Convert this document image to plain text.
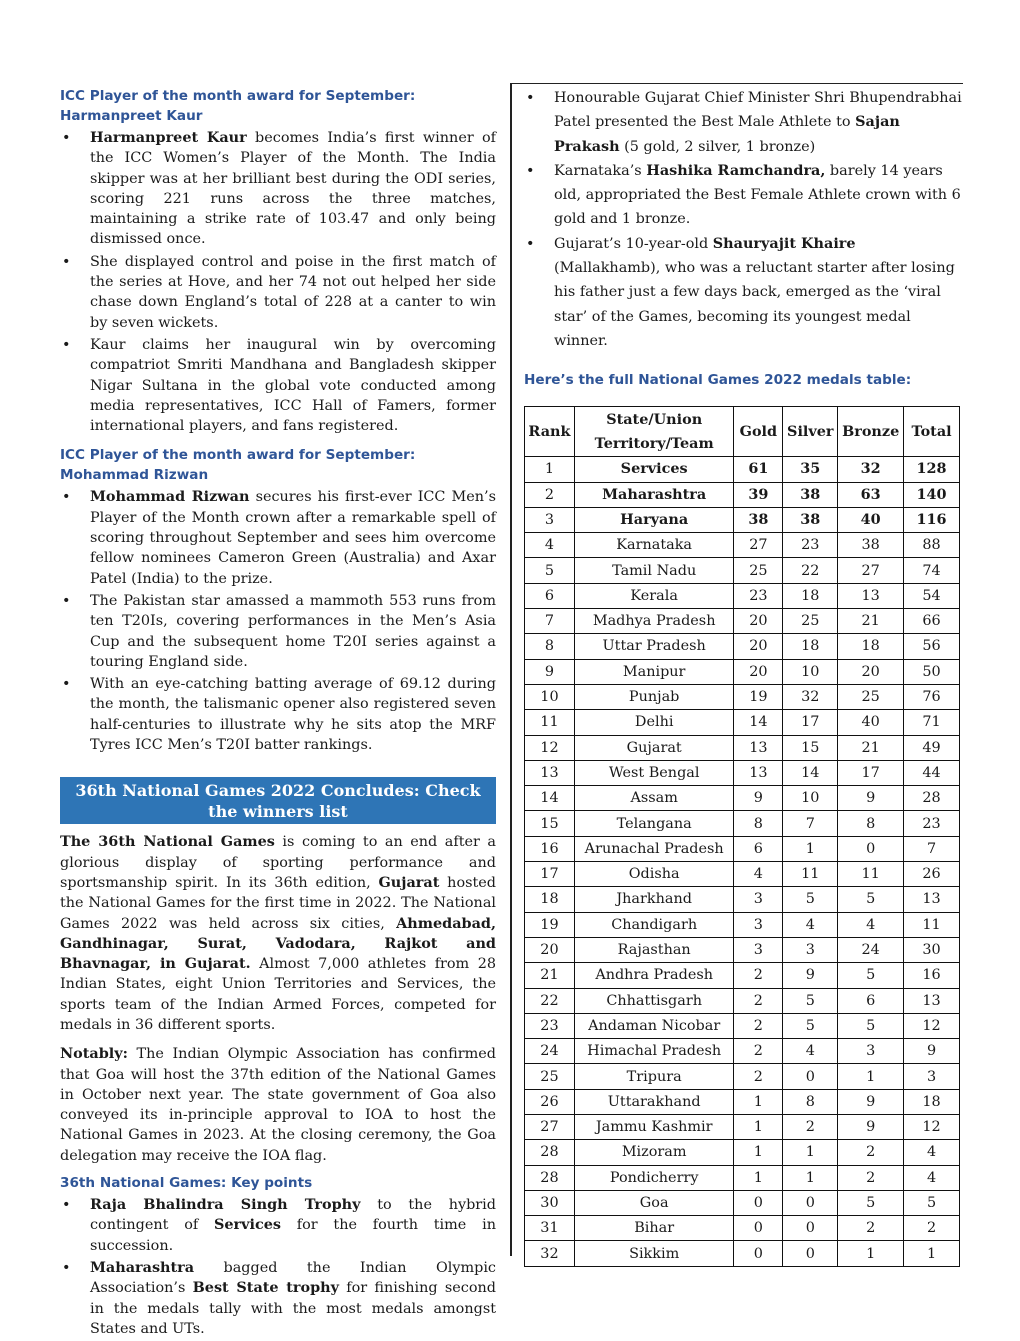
ICC Player of the month award for September: Harmanpreet Kaur
• Harmanpreet Kaur becomes India’s first winner of the ICC Women’s Player of the Month. The India skipper was at her brilliant best during the ODI series, scoring 221 runs across the three matches, maintaining a strike rate of 103.47 and only being dismissed once.
• She displayed control and poise in the first match of the series at Hove, and her 74 not out helped her side chase down England’s total of 228 at a canter to win by seven wickets.
• Kaur claims her inaugural win by overcoming compatriot Smriti Mandhana and Bangladesh skipper Nigar Sultana in the global vote conducted among media representatives, ICC Hall of Famers, former international players, and fans registered.
ICC Player of the month award for September: Mohammad Rizwan
• Mohammad Rizwan secures his first-ever ICC Men’s Player of the Month crown after a remarkable spell of scoring throughout September and sees him overcome fellow nominees Cameron Green (Australia) and Axar Patel (India) to the prize.
• The Pakistan star amassed a mammoth 553 runs from ten T20Is, covering performances in the Men’s Asia Cup and the subsequent home T20I series against a touring England side.
• With an eye-catching batting average of 69.12 during the month, the talismanic opener also registered seven half-centuries to illustrate why he sits atop the MRF Tyres ICC Men’s T20I batter rankings.
36th National Games 2022 Concludes: Check the winners list

The 36th National Games is coming to an end after a glorious display of sporting performance and sportsmanship spirit. In its 36th edition, Gujarat hosted the National Games for the first time in 2022. The National Games 2022 was held across six cities, Ahmedabad, Gandhinagar, Surat, Vadodara, Rajkot and Bhavnagar, in Gujarat. Almost 7,000 athletes from 28 Indian States, eight Union Territories and Services, the sports team of the Indian Armed Forces, competed for medals in 36 different sports.

Notably: The Indian Olympic Association has confirmed that Goa will host the 37th edition of the National Games in October next year. The state government of Goa also conveyed its in-principle approval to IOA to host the National Games in 2023. At the closing ceremony, the Goa delegation may receive the IOA flag.

36th National Games: Key points
• Raja Bhalindra Singh Trophy to the hybrid contingent of Services for the fourth time in succession.
• Maharashtra bagged the Indian Olympic Association’s Best State trophy for finishing second in the medals tally with the most medals amongst States and UTs.
• Honourable Gujarat Chief Minister Shri Bhupendrabhai Patel presented the Best Male Athlete to Sajan Prakash (5 gold, 2 silver, 1 bronze)
• Karnataka’s Hashika Ramchandra, barely 14 years old, appropriated the Best Female Athlete crown with 6 gold and 1 bronze.
• Gujarat’s 10-year-old Shauryajit Khaire (Mallakhamb), who was a reluctant starter after losing his father just a few days back, emerged as the ‘viral star’ of the Games, becoming its youngest medal winner.
Here’s the full National Games 2022 medals table:
Rank	State/Union Territory/Team	Gold	Silver	Bronze	Total
1	Services	61	35	32	128
2	Maharashtra	39	38	63	140
3	Haryana	38	38	40	116
4	Karnataka	27	23	38	88
5	Tamil Nadu	25	22	27	74
6	Kerala	23	18	13	54
7	Madhya Pradesh	20	25	21	66
8	Uttar Pradesh	20	18	18	56
9	Manipur	20	10	20	50
10	Punjab	19	32	25	76
11	Delhi	14	17	40	71
12	Gujarat	13	15	21	49
13	West Bengal	13	14	17	44
14	Assam	9	10	9	28
15	Telangana	8	7	8	23
16	Arunachal Pradesh	6	1	0	7
17	Odisha	4	11	11	26
18	Jharkhand	3	5	5	13
19	Chandigarh	3	4	4	11
20	Rajasthan	3	3	24	30
21	Andhra Pradesh	2	9	5	16
22	Chhattisgarh	2	5	6	13
23	Andaman Nicobar	2	5	5	12
24	Himachal Pradesh	2	4	3	9
25	Tripura	2	0	1	3
26	Uttarakhand	1	8	9	18
27	Jammu Kashmir	1	2	9	12
28	Mizoram	1	1	2	4
28	Pondicherry	1	1	2	4
30	Goa	0	0	5	5
31	Bihar	0	0	2	2
32	Sikkim	0	0	1	1
